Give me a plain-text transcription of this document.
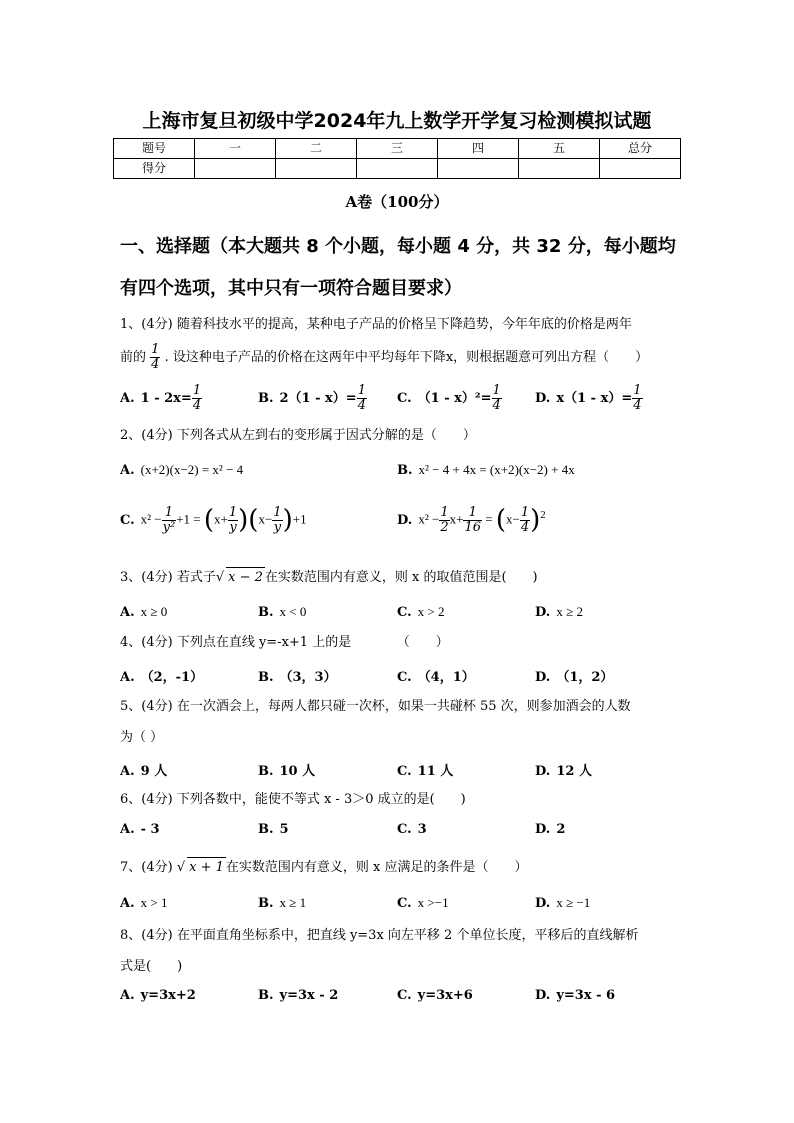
上海市复旦初级中学2024年九上数学开学复习检测模拟试题
题号	一	二	三	四	五	总分
得分						
A卷（100分）
一、选择题（本大题共 8 个小题，每小题 4 分，共 32 分，每小题均
有四个选项，其中只有一项符合题目要求）
1、(4分) 随着科技水平的提高，某种电子产品的价格呈下降趋势，今年年底的价格是两年
前的 $\frac{1}{4}$ . 设这种电子产品的价格在这两年中平均每年下降x，则根据题意可列出方程（　　）
A. $1 - 2x= \frac{1}{4}$	B. $2(1 - x)= \frac{1}{4} C$. $(1 - x)^2= \frac{1}{4}$	D. $x(1 - x)= \frac{1}{4}$
2、(4分) 下列各式从左到右的变形属于因式分解的是（　　）
A. (x+2)(x−2) = x² − 4	B. x² − 4 + 4x = (x+2)(x−2) + 4x
C. $x^2 - \frac{1}{\text{y²}} +1 = (x+ \frac{1}{y} )(x- \frac{1}{y} )+1$	D. $x^2 - \frac{1}{2} x+ \frac{1}{16} = (x- \frac{1}{4} )^2$
3、(4分) 若式子√ x − 2 在实数范围内有意义，则 x 的取值范围是(　　)
A. x ≥ 0	B. x < 0	C. x > 2	D. x ≥ 2
4、(4分) 下列点在直线 y=-x+1 上的是　　　　（　　）
A. （2，-1）	B. （3，3）	C. （4，1）	D. （1，2）
5、(4分) 在一次酒会上，每两人都只碰一次杯，如果一共碰杯 55 次，则参加酒会的人数
为（ ）
A. 9 人	B. 10 人	C. 11 人	D. 12 人
6、(4分) 下列各数中，能使不等式 x - 3＞0 成立的是(　　)
A. - 3	B. 5	C. 3	D. 2
7、(4分) √ x + 1 在实数范围内有意义，则 x 应满足的条件是（　　）
A. x > 1	B. x ≥ 1	C. x >−1	D. x ≥ −1
8、(4分) 在平面直角坐标系中，把直线 y=3x 向左平移 2 个单位长度，平移后的直线解析
式是(　　)
A. y=3x+2	B. y=3x - 2	C. y=3x+6	D. y=3x - 6
